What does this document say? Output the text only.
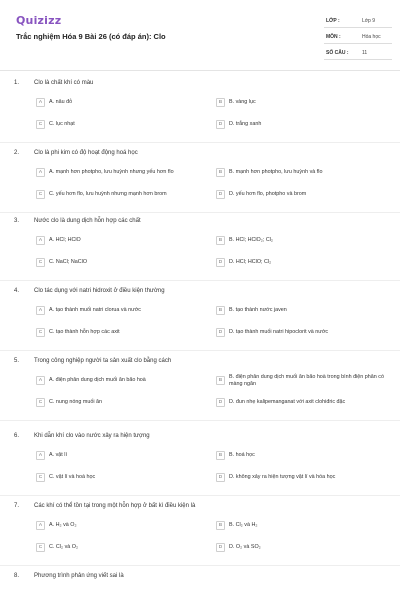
Quizizz
Trắc nghiệm Hóa 9 Bài 26 (có đáp án): Clo
LỚP :	Lớp 9
MÔN :	Hóa học
SỐ CÂU :	11
1. Clo là chất khí có màu
A	A. nâu đỏ	B	B. vàng lục
C	C. lục nhạt	D	D. trắng xanh
2. Clo là phi kim có độ hoạt động hoá học
A	A. mạnh hơn photpho, lưu huỳnh nhưng yếu hơn flo	B	B. mạnh hơn photpho, lưu huỳnh và flo
C	C. yếu hơn flo, lưu huỳnh nhưng mạnh hơn brom	D	D. yếu hơn flo, photpho và brom
3. Nước clo là dung dịch hỗn hợp các chất
A	A. HCl; HClO	B	B. HCl; HClO₂; Cl₂
C	C. NaCl; NaClO	D	D. HCl; HClO; Cl₂
4. Clo tác dụng với natri hidroxit ở điều kiện thường
A	A. tạo thành muối natri clorua và nước	B	B. tạo thành nước javen
C	C. tạo thành hỗn hợp các axit	D	D. tạo thành muối natri hipoclorit và nước
5. Trong công nghiệp người ta sản xuất clo bằng cách
A	A. điện phân dung dịch muối ăn bão hoà	B
B. điện phân dung dịch muối ăn bão hoà trong bình điện phân có màng ngăn
C	C. nung nóng muối ăn	D	D. đun nhẹ kalipemanganat với axit clohiđric đặc
6. Khi dẫn khí clo vào nước xảy ra hiện tượng
A	A. vật lí	B	B. hoá học
C	C. vật lí và hoá học	D	D. không xảy ra hiện tượng vật lí và hóa học
7. Các khí có thể tồn tại trong một hỗn hợp ở bất kì điều kiện là
A	A. H₂ và O₂	B	B. Cl₂ và H₂
C	C. Cl₂ và O₂	D	D. O₂ và SO₂
8. Phương trình phản ứng viết sai là
